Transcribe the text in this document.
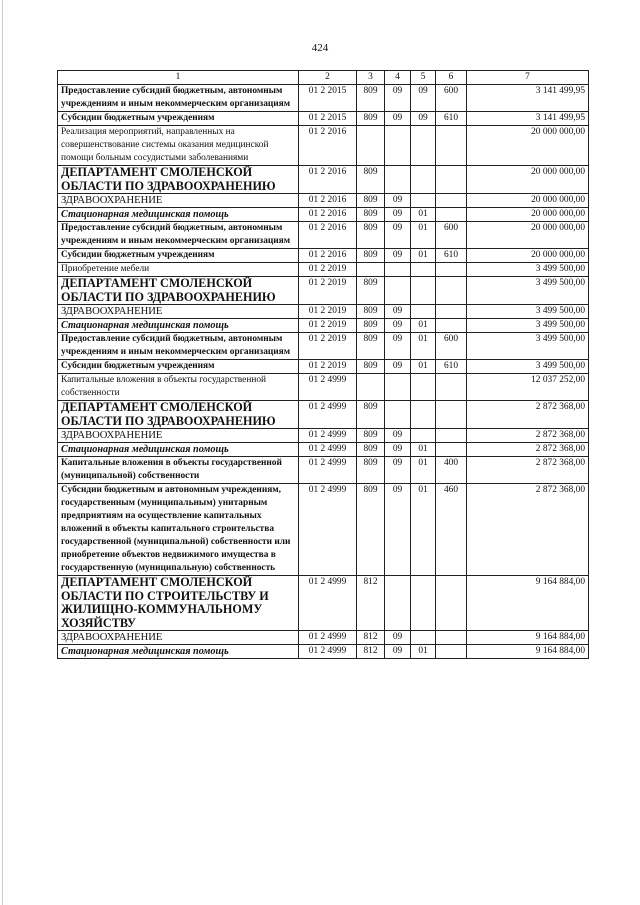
424
1	2	3	4	5	6	7
Предоставление субсидий бюджетным, автономным учреждениям и иным некоммерческим организациям	01 2 2015	809	09	09	600	3 141 499,95
Субсидии бюджетным учреждениям	01 2 2015	809	09	09	610	3 141 499,95
Реализация мероприятий, направленных на совершенствование системы оказания медицинской помощи больным сосудистыми заболеваниями	01 2 2016					20 000 000,00
ДЕПАРТАМЕНТ СМОЛЕНСКОЙ ОБЛАСТИ ПО ЗДРАВООХРАНЕНИЮ	01 2 2016	809				20 000 000,00
ЗДРАВООХРАНЕНИЕ	01 2 2016	809	09			20 000 000,00
Стационарная медицинская помощь	01 2 2016	809	09	01		20 000 000,00
Предоставление субсидий бюджетным, автономным учреждениям и иным некоммерческим организациям	01 2 2016	809	09	01	600	20 000 000,00
Субсидии бюджетным учреждениям	01 2 2016	809	09	01	610	20 000 000,00
Приобретение мебели	01 2 2019					3 499 500,00
ДЕПАРТАМЕНТ СМОЛЕНСКОЙ ОБЛАСТИ ПО ЗДРАВООХРАНЕНИЮ	01 2 2019	809				3 499 500,00
ЗДРАВООХРАНЕНИЕ	01 2 2019	809	09			3 499 500,00
Стационарная медицинская помощь	01 2 2019	809	09	01		3 499 500,00
Предоставление субсидий бюджетным, автономным учреждениям и иным некоммерческим организациям	01 2 2019	809	09	01	600	3 499 500,00
Субсидии бюджетным учреждениям	01 2 2019	809	09	01	610	3 499 500,00
Капитальные вложения в объекты государственной собственности	01 2 4999					12 037 252,00
ДЕПАРТАМЕНТ СМОЛЕНСКОЙ ОБЛАСТИ ПО ЗДРАВООХРАНЕНИЮ	01 2 4999	809				2 872 368,00
ЗДРАВООХРАНЕНИЕ	01 2 4999	809	09			2 872 368,00
Стационарная медицинская помощь	01 2 4999	809	09	01		2 872 368,00
Капитальные вложения в объекты государственной (муниципальной) собственности	01 2 4999	809	09	01	400	2 872 368,00
Субсидии бюджетным и автономным учреждениям, государственным (муниципальным) унитарным предприятиям на осуществление капитальных вложений в объекты капитального строительства государственной (муниципальной) собственности или приобретение объектов недвижимого имущества в государственную (муниципальную) собственность	01 2 4999	809	09	01	460	2 872 368,00
ДЕПАРТАМЕНТ СМОЛЕНСКОЙ ОБЛАСТИ ПО СТРОИТЕЛЬСТВУ И ЖИЛИЩНО-КОММУНАЛЬНОМУ ХОЗЯЙСТВУ	01 2 4999	812				9 164 884,00
ЗДРАВООХРАНЕНИЕ	01 2 4999	812	09			9 164 884,00
Стационарная медицинская помощь	01 2 4999	812	09	01		9 164 884,00
